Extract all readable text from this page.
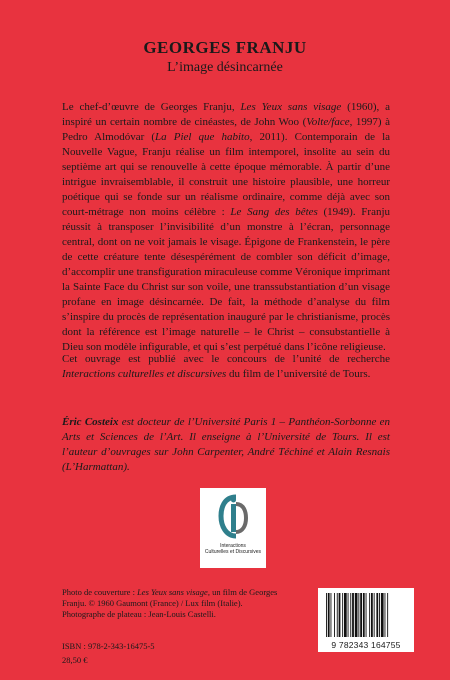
GEORGES FRANJU
L’image désincarnée

Le chef-d’œuvre de Georges Franju, Les Yeux sans visage (1960), a inspiré un certain nombre de cinéastes, de John Woo (Volte/face, 1997) à Pedro Almodóvar (La Piel que habito, 2011). Contemporain de la Nouvelle Vague, Franju réalise un film intemporel, insolite au sein du septième art qui se renouvelle à cette époque mémorable. À partir d’une intrigue invraisemblable, il construit une histoire plausible, une horreur poétique qui se fonde sur un réalisme ordinaire, comme déjà avec son court-métrage non moins célèbre : Le Sang des bêtes (1949). Franju réussit à transposer l’invisibilité d’un monstre à l’écran, personnage central, dont on ne voit jamais le visage. Épigone de Frankenstein, le père de cette créature tente désespérément de combler son déficit d’image, d’accomplir une transfiguration miraculeuse comme Véronique imprimant la Sainte Face du Christ sur son voile, une transsubstantiation d’un visage profane en image désincarnée. De fait, la méthode d’analyse du film s’inspire du procès de représentation inauguré par le christianisme, procès dont la référence est l’image naturelle – le Christ – consubstantielle à Dieu son modèle infigurable, et qui s’est perpétué dans l’icône religieuse.

Cet ouvrage est publié avec le concours de l’unité de recherche Interactions culturelles et discursives du film de l’université de Tours.
Éric Costeix est docteur de l’Université Paris 1 – Panthéon-Sorbonne en Arts et Sciences de l’Art. Il enseigne à l’Université de Tours. Il est l’auteur d’ouvrages sur John Carpenter, André Téchiné et Alain Resnais (L’Harmattan).
Interactions
Culturelles et Discursives
Photo de couverture : Les Yeux sans visage, un film de Georges Franju. © 1960 Gaumont (France) / Lux film (Italie).
Photographe de plateau : Jean-Louis Castelli.
ISBN : 978-2-343-16475-5
28,50 €
9 782343 164755
